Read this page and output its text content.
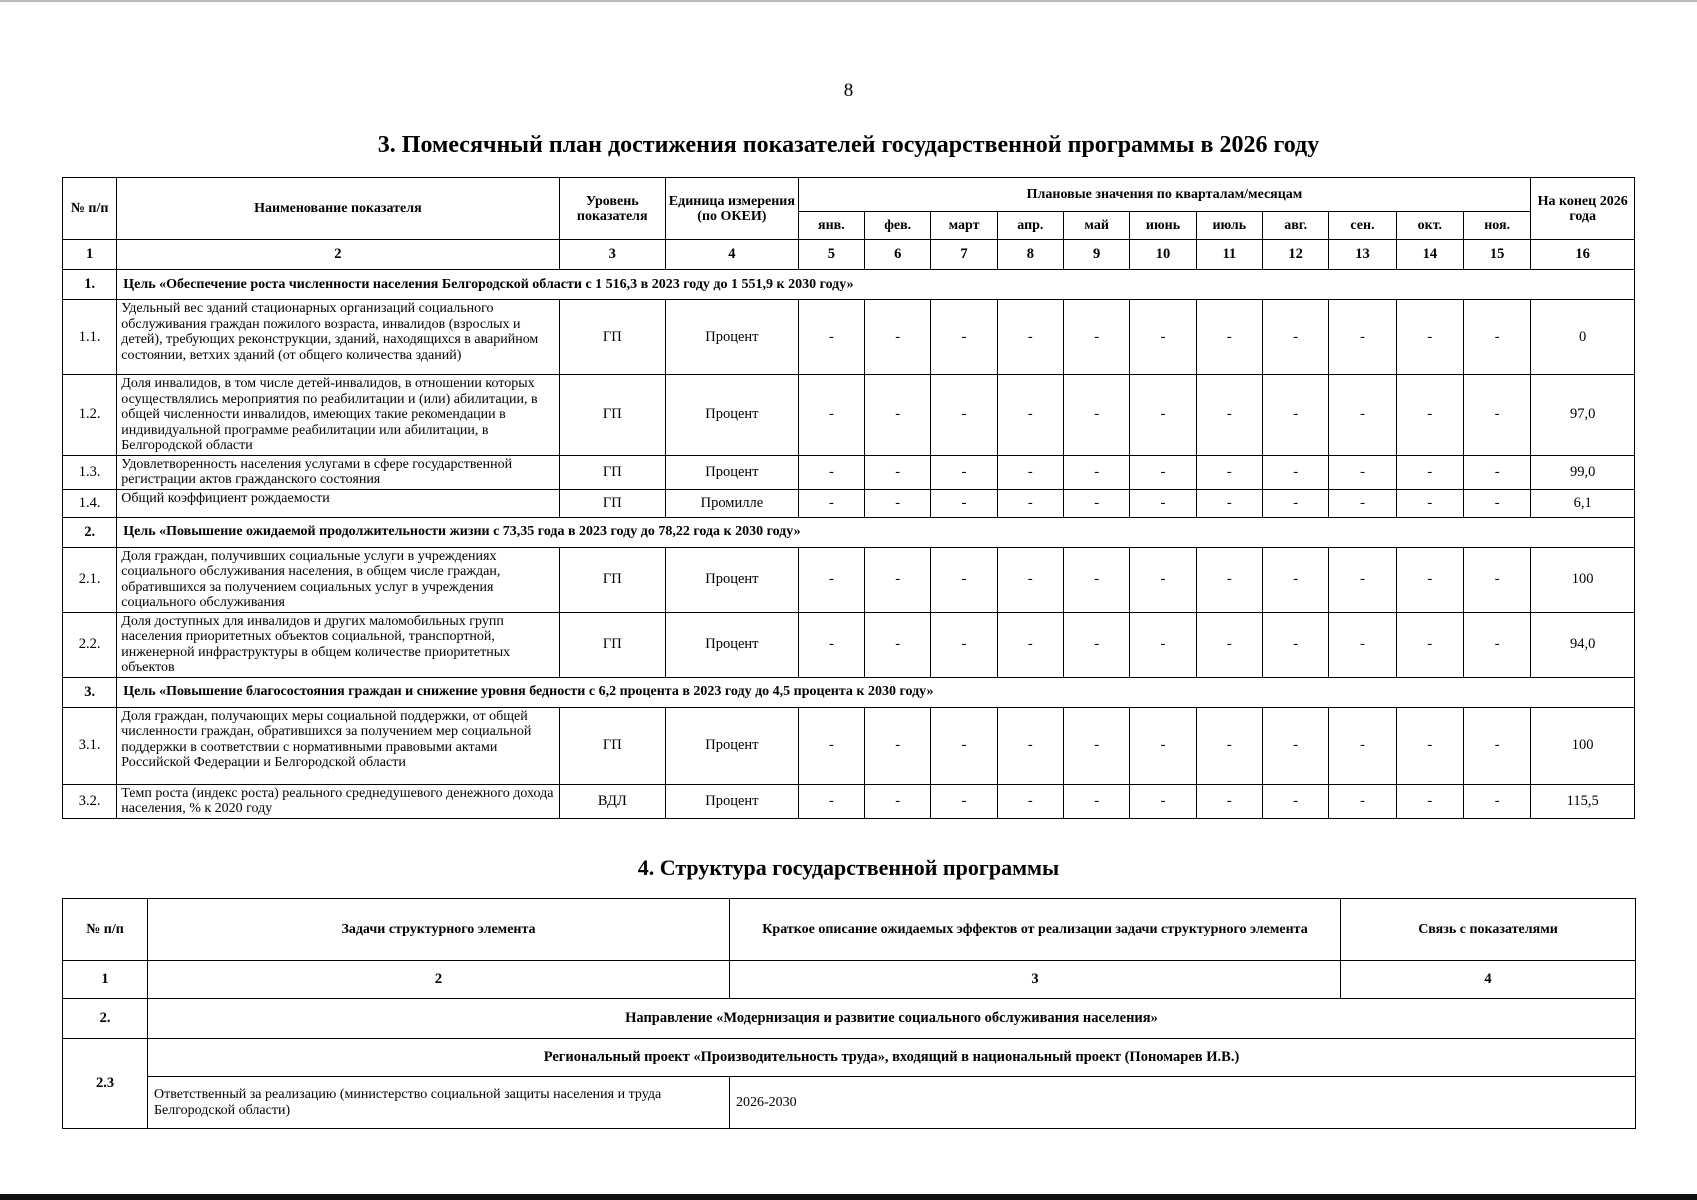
8
3. Помесячный план достижения показателей государственной программы в 2026 году
№ п/п	Наименование показателя	Уровень показателя	Единица измерения (по ОКЕИ)	Плановые значения по кварталам/месяцам											На конец 2026 года
				янв.	фев.	март	апр.	май	июнь	июль	авг.	сен.	окт.	ноя.	
1	2	3	4	5	6	7	8	9	10	11	12	13	14	15	16
1.	Цель «Обеспечение роста численности населения Белгородской области с 1 516,3 в 2023 году до 1 551,9 к 2030 году»														
1.1.	Удельный вес зданий стационарных организаций социального обслуживания граждан пожилого возраста, инвалидов (взрослых и детей), требующих реконструкции, зданий, находящихся в аварийном состоянии, ветхих зданий (от общего количества зданий)	ГП	Процент	-	-	-	-	-	-	-	-	-	-	-	0
1.2.	Доля инвалидов, в том числе детей-инвалидов, в отношении которых осуществлялись мероприятия по реабилитации и (или) абилитации, в общей численности инвалидов, имеющих такие рекомендации в индивидуальной программе реабилитации или абилитации, в Белгородской области	ГП	Процент	-	-	-	-	-	-	-	-	-	-	-	97,0
1.3.	Удовлетворенность населения услугами в сфере государственной регистрации актов гражданского состояния	ГП	Процент	-	-	-	-	-	-	-	-	-	-	-	99,0
1.4.	Общий коэффициент рождаемости	ГП	Промилле	-	-	-	-	-	-	-	-	-	-	-	6,1
2.	Цель «Повышение ожидаемой продолжительности жизни с 73,35 года в 2023 году до 78,22 года к 2030 году»														
2.1.	Доля граждан, получивших социальные услуги в учреждениях социального обслуживания населения, в общем числе граждан, обратившихся за получением социальных услуг в учреждения социального обслуживания	ГП	Процент	-	-	-	-	-	-	-	-	-	-	-	100
2.2.	Доля доступных для инвалидов и других маломобильных групп населения приоритетных объектов социальной, транспортной, инженерной инфраструктуры в общем количестве приоритетных объектов	ГП	Процент	-	-	-	-	-	-	-	-	-	-	-	94,0
3.	Цель «Повышение благосостояния граждан и снижение уровня бедности с 6,2 процента в 2023 году до 4,5 процента к 2030 году»														
3.1.	Доля граждан, получающих меры социальной поддержки, от общей численности граждан, обратившихся за получением мер социальной поддержки в соответствии с нормативными правовыми актами Российской Федерации и Белгородской области	ГП	Процент	-	-	-	-	-	-	-	-	-	-	-	100
3.2.	Темп роста (индекс роста) реального среднедушевого денежного дохода населения, % к 2020 году	ВДЛ	Процент	-	-	-	-	-	-	-	-	-	-	-	115,5
4. Структура государственной программы
№ п/п	Задачи структурного элемента	Краткое описание ожидаемых эффектов от реализации задачи структурного элемента	Связь с показателями
1	2	3	4
2.	Направление «Модернизация и развитие социального обслуживания населения»		
2.3	Региональный проект «Производительность труда», входящий в национальный проект (Пономарев И.В.)		
	Ответственный за реализацию (министерство социальной защиты населения и труда Белгородской области)	2026-2030	
